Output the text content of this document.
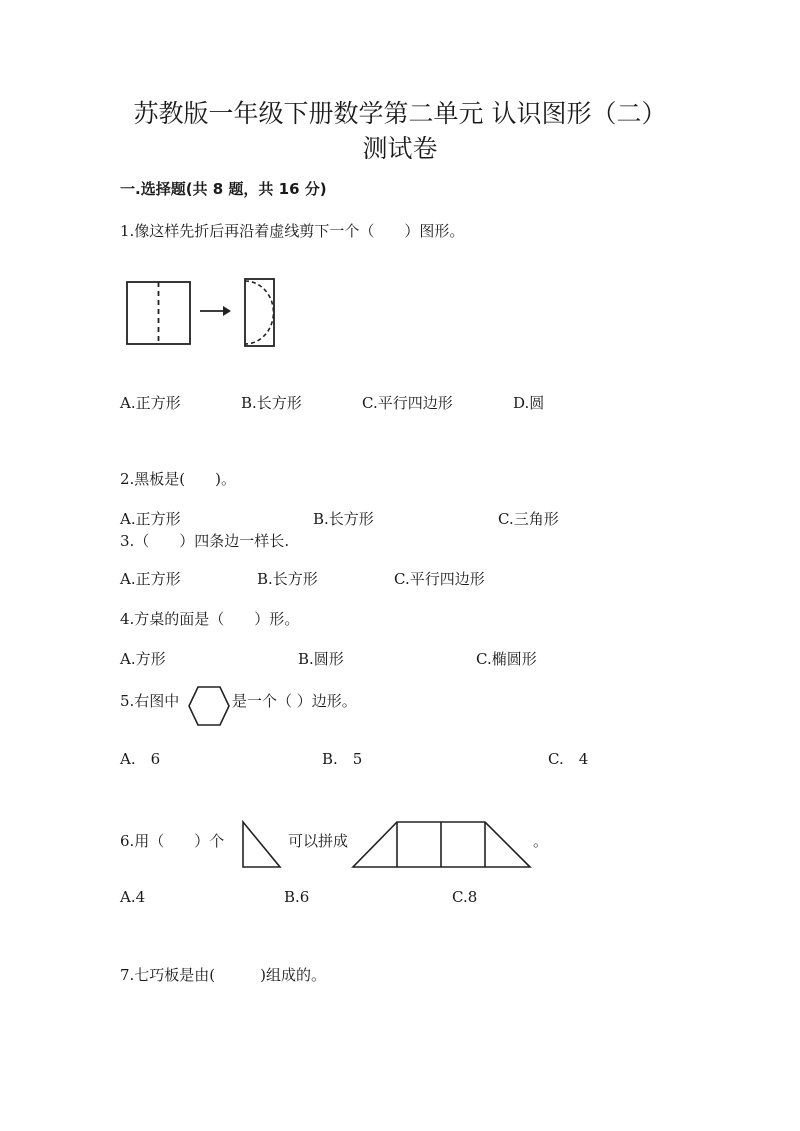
苏教版一年级下册数学第二单元 认识图形（二）
测试卷
一.选择题(共 8 题，共 16 分)
1.像这样先折后再沿着虚线剪下一个（　　）图形。
A.正方形	B.长方形	C.平行四边形	D.圆
2.黑板是(　　)。
A.正方形	B.长方形	C.三角形
3.（　　）四条边一样长.
A.正方形	B.长方形	C.平行四边形
4.方桌的面是（　　）形。
A.方形	B.圆形	C.椭圆形
5.右图中	是一个（ ）边形。
A.　6	B.　5	C.　4
6.用（　　）个	可以拼成	。
A.4	B.6	C.8
7.七巧板是由(　　　)组成的。
